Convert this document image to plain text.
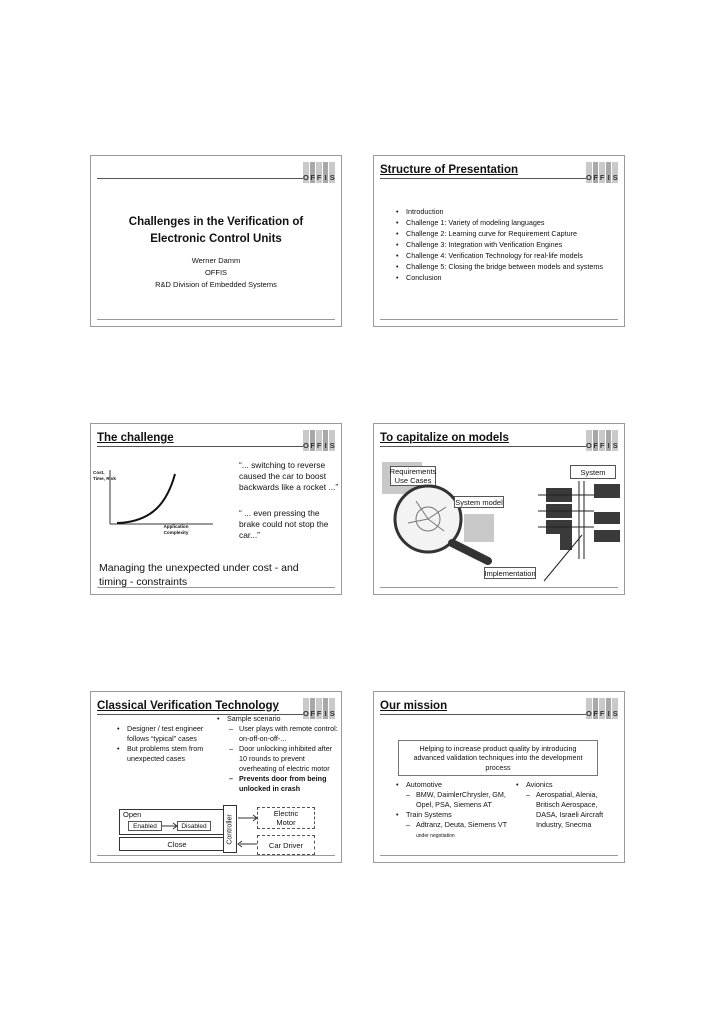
O F F I S
Challenges in the Verification of Electronic Control Units
Werner Damm
OFFIS
R&D Division of Embedded Systems
Structure of Presentation
O F F I S
• Introduction
• Challenge 1: Variety of modeling languages
• Challenge 2: Learning curve for Requirement Capture
• Challenge 3: Integration with Verification Engines
• Challenge 4: Verification Technology for real-life models
• Challenge 5: Closing the bridge between models and systems
• Conclusion
The challenge
O F F I S
Cost, Time, Risk
Application Complexity
“... switching to reverse caused the car to boost backwards like a rocket ...”
“ ... even pressing the brake could not stop the car...”
Managing the unexpected under cost - and timing - constraints
To capitalize on models
O F F I S
Requirements Use Cases
System
System model
Implementation
Classical Verification Technology
O F F I S
• Designer / test engineer follows “typical” cases
• But problems stem from unexpected cases
• Sample scenario
– User plays with remote control: on-off-on-off-...
– Door unlocking inhibited after 10 rounds to prevent overheating of electric motor
– Prevents door from being unlocked in crash
Open
Enabled	Disabled
Close	Controller
Electric Motor
Car Driver
Our mission
O F F I S
Helping to increase product quality by introducing advanced validation techniques into the development process
• Automotive
– BMW, DaimlerChrysler, GM, Opel, PSA, Siemens AT
• Train Systems
– Adtranz, Deuta, Siemens VT under negotiation
• Avionics
– Aerospatial, Alenia, Britisch Aerospace, DASA, Israeli Aircraft Industry, Snecma
